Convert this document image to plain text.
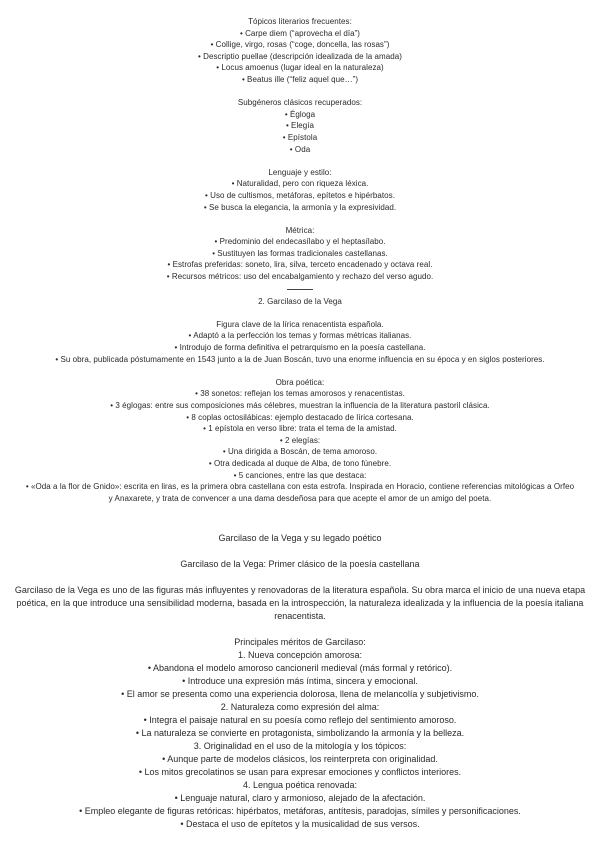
Tópicos literarios frecuentes:
• Carpe diem (“aprovecha el día”)
• Collige, virgo, rosas (“coge, doncella, las rosas”)
• Descriptio puellae (descripción idealizada de la amada)
• Locus amoenus (lugar ideal en la naturaleza)
• Beatus ille (“feliz aquel que…”)
Subgéneros clásicos recuperados:
• Égloga
• Elegía
• Epístola
• Oda
Lenguaje y estilo:
• Naturalidad, pero con riqueza léxica.
• Uso de cultismos, metáforas, epítetos e hipérbatos.
• Se busca la elegancia, la armonía y la expresividad.
Métrica:
• Predominio del endecasílabo y el heptasílabo.
• Sustituyen las formas tradicionales castellanas.
• Estrofas preferidas: soneto, lira, silva, terceto encadenado y octava real.
• Recursos métricos: uso del encabalgamiento y rechazo del verso agudo.
2. Garcilaso de la Vega
Figura clave de la lírica renacentista española.
• Adaptó a la perfección los temas y formas métricas italianas.
• Introdujo de forma definitiva el petrarquismo en la poesía castellana.
• Su obra, publicada póstumamente en 1543 junto a la de Juan Boscán, tuvo una enorme influencia en su época y en siglos posteriores.
Obra poética:
• 38 sonetos: reflejan los temas amorosos y renacentistas.
• 3 églogas: entre sus composiciones más célebres, muestran la influencia de la literatura pastoril clásica.
• 8 coplas octosilábicas: ejemplo destacado de lírica cortesana.
• 1 epístola en verso libre: trata el tema de la amistad.
• 2 elegías:
• Una dirigida a Boscán, de tema amoroso.
• Otra dedicada al duque de Alba, de tono fúnebre.
• 5 canciones, entre las que destaca:
• «Oda a la flor de Gnido»: escrita en liras, es la primera obra castellana con esta estrofa. Inspirada en Horacio, contiene referencias mitológicas a Orfeo
y Anaxarete, y trata de convencer a una dama desdeñosa para que acepte el amor de un amigo del poeta.
Garcilaso de la Vega y su legado poético
Garcilaso de la Vega: Primer clásico de la poesía castellana
Garcilaso de la Vega es uno de las figuras más influyentes y renovadoras de la literatura española. Su obra marca el inicio de una nueva etapa poética, en la que introduce una sensibilidad moderna, basada en la introspección, la naturaleza idealizada y la influencia de la poesía italiana renacentista.
Principales méritos de Garcilaso:
1. Nueva concepción amorosa:
• Abandona el modelo amoroso cancioneril medieval (más formal y retórico).
• Introduce una expresión más íntima, sincera y emocional.
• El amor se presenta como una experiencia dolorosa, llena de melancolía y subjetivismo.
2. Naturaleza como expresión del alma:
• Integra el paisaje natural en su poesía como reflejo del sentimiento amoroso.
• La naturaleza se convierte en protagonista, simbolizando la armonía y la belleza.
3. Originalidad en el uso de la mitología y los tópicos:
• Aunque parte de modelos clásicos, los reinterpreta con originalidad.
• Los mitos grecolatinos se usan para expresar emociones y conflictos interiores.
4. Lengua poética renovada:
• Lenguaje natural, claro y armonioso, alejado de la afectación.
• Empleo elegante de figuras retóricas: hipérbatos, metáforas, antítesis, paradojas, símiles y personificaciones.
• Destaca el uso de epítetos y la musicalidad de sus versos.
